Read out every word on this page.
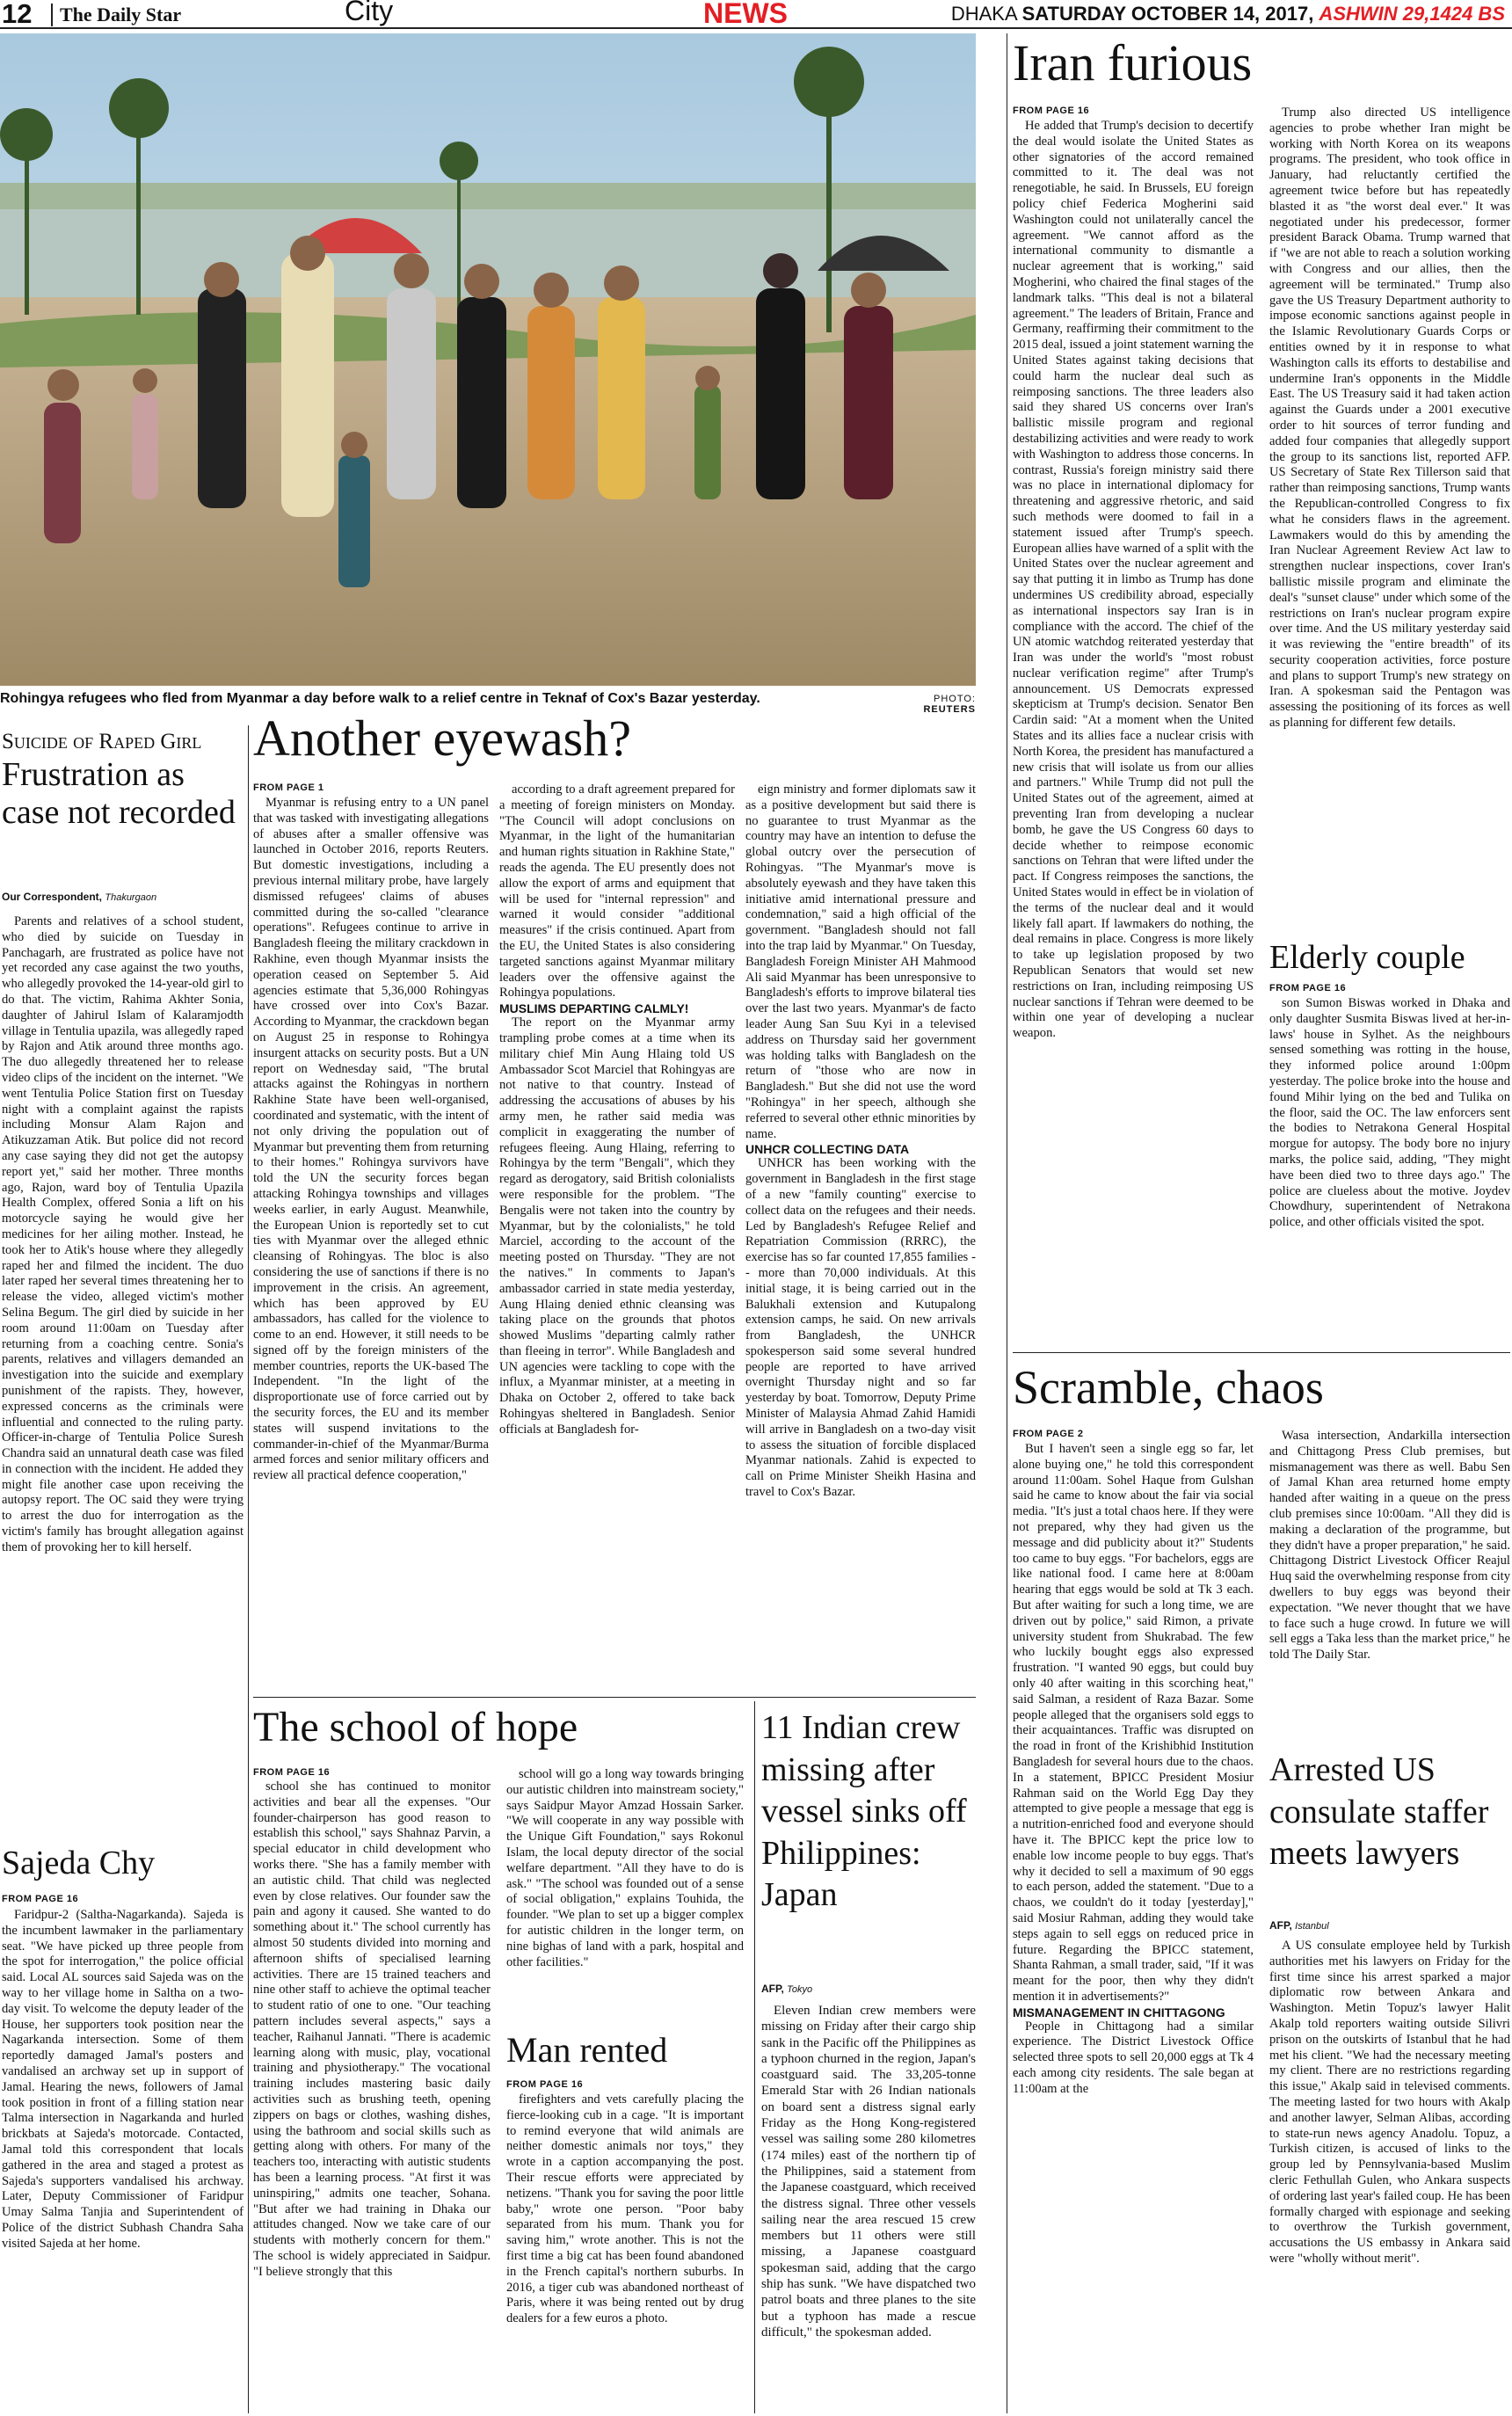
12	The Daily Star	City	NEWS	DHAKA SATURDAY OCTOBER 14, 2017, ASHWIN 29,1424 BS
Rohingya refugees who fled from Myanmar a day before walk to a relief centre in Teknaf of Cox's Bazar yesterday.	PHOTO: REUTERS
Suicide of Raped Girl
Frustration as case not recorded
Our Correspondent, Thakurgaon
Parents and relatives of a school student, who died by suicide on Tuesday in Panchagarh, are frustrated as police have not yet recorded any case against the two youths, who allegedly provoked the 14-year-old girl to do that. The victim, Rahima Akhter Sonia, daughter of Jahirul Islam of Kalaramjodth village in Tentulia upazila, was allegedly raped by Rajon and Atik around three months ago. The duo allegedly threatened her to release video clips of the incident on the internet. "We went Tentulia Police Station first on Tuesday night with a complaint against the rapists including Monsur Alam Rajon and Atikuzzaman Atik. But police did not record any case saying they did not get the autopsy report yet," said her mother. Three months ago, Rajon, ward boy of Tentulia Upazila Health Complex, offered Sonia a lift on his motorcycle saying he would give her medicines for her ailing mother. Instead, he took her to Atik's house where they allegedly raped her and filmed the incident. The duo later raped her several times threatening her to release the video, alleged victim's mother Selina Begum. The girl died by suicide in her room around 11:00am on Tuesday after returning from a coaching centre. Sonia's parents, relatives and villagers demanded an investigation into the suicide and exemplary punishment of the rapists. They, however, expressed concerns as the criminals were influential and connected to the ruling party. Officer-in-charge of Tentulia Police Suresh Chandra said an unnatural death case was filed in connection with the incident. He added they might file another case upon receiving the autopsy report. The OC said they were trying to arrest the duo for interrogation as the victim's family has brought allegation against them of provoking her to kill herself.
Sajeda Chy
FROM PAGE 16
Faridpur-2 (Saltha-Nagarkanda). Sajeda is the incumbent lawmaker in the parliamentary seat. "We have picked up three people from the spot for interrogation," the police official said. Local AL sources said Sajeda was on the way to her village home in Saltha on a two-day visit. To welcome the deputy leader of the House, her supporters took position near the Nagarkanda intersection. Some of them reportedly damaged Jamal's posters and vandalised an archway set up in support of Jamal. Hearing the news, followers of Jamal took position in front of a filling station near Talma intersection in Nagarkanda and hurled brickbats at Sajeda's motorcade. Contacted, Jamal told this correspondent that locals gathered in the area and staged a protest as Sajeda's supporters vandalised his archway. Later, Deputy Commissioner of Faridpur Umay Salma Tanjia and Superintendent of Police of the district Subhash Chandra Saha visited Sajeda at her home.
Another eyewash?
FROM PAGE 1
Myanmar is refusing entry to a UN panel that was tasked with investigating allegations of abuses after a smaller offensive was launched in October 2016, reports Reuters. But domestic investigations, including a previous internal military probe, have largely dismissed refugees' claims of abuses committed during the so-called "clearance operations". Refugees continue to arrive in Bangladesh fleeing the military crackdown in Rakhine, even though Myanmar insists the operation ceased on September 5. Aid agencies estimate that 5,36,000 Rohingyas have crossed over into Cox's Bazar. According to Myanmar, the crackdown began on August 25 in response to Rohingya insurgent attacks on security posts. But a UN report on Wednesday said, "The brutal attacks against the Rohingyas in northern Rakhine State have been well-organised, coordinated and systematic, with the intent of not only driving the population out of Myanmar but preventing them from returning to their homes." Rohingya survivors have told the UN the security forces began attacking Rohingya townships and villages weeks earlier, in early August. Meanwhile, the European Union is reportedly set to cut ties with Myanmar over the alleged ethnic cleansing of Rohingyas. The bloc is also considering the use of sanctions if there is no improvement in the crisis. An agreement, which has been approved by EU ambassadors, has called for the violence to come to an end. However, it still needs to be signed off by the foreign ministers of the member countries, reports the UK-based The Independent. "In the light of the disproportionate use of force carried out by the security forces, the EU and its member states will suspend invitations to the commander-in-chief of the Myanmar/Burma armed forces and senior military officers and review all practical defence cooperation,"
according to a draft agreement prepared for a meeting of foreign ministers on Monday. "The Council will adopt conclusions on Myanmar, in the light of the humanitarian and human rights situation in Rakhine State," reads the agenda. The EU presently does not allow the export of arms and equipment that will be used for "internal repression" and warned it would consider "additional measures" if the crisis continued. Apart from the EU, the United States is also considering targeted sanctions against Myanmar military leaders over the offensive against the Rohingya populations.
MUSLIMS DEPARTING CALMLY!
The report on the Myanmar army trampling probe comes at a time when its military chief Min Aung Hlaing told US Ambassador Scot Marciel that Rohingyas are not native to that country. Instead of addressing the accusations of abuses by his army men, he rather said media was complicit in exaggerating the number of refugees fleeing. Aung Hlaing, referring to Rohingya by the term "Bengali", which they regard as derogatory, said British colonialists were responsible for the problem. "The Bengalis were not taken into the country by Myanmar, but by the colonialists," he told Marciel, according to the account of the meeting posted on Thursday. "They are not the natives." In comments to Japan's ambassador carried in state media yesterday, Aung Hlaing denied ethnic cleansing was taking place on the grounds that photos showed Muslims "departing calmly rather than fleeing in terror". While Bangladesh and UN agencies were tackling to cope with the influx, a Myanmar minister, at a meeting in Dhaka on October 2, offered to take back Rohingyas sheltered in Bangladesh. Senior officials at Bangladesh for-
eign ministry and former diplomats saw it as a positive development but said there is no guarantee to trust Myanmar as the country may have an intention to defuse the global outcry over the persecution of Rohingyas. "The Myanmar's move is absolutely eyewash and they have taken this initiative amid international pressure and condemnation," said a high official of the government. "Bangladesh should not fall into the trap laid by Myanmar." On Tuesday, Bangladesh Foreign Minister AH Mahmood Ali said Myanmar has been unresponsive to Bangladesh's efforts to improve bilateral ties over the last two years. Myanmar's de facto leader Aung San Suu Kyi in a televised address on Thursday said her government was holding talks with Bangladesh on the return of "those who are now in Bangladesh." But she did not use the word "Rohingya" in her speech, although she referred to several other ethnic minorities by name.
UNHCR COLLECTING DATA
UNHCR has been working with the government in Bangladesh in the first stage of a new "family counting" exercise to collect data on the refugees and their needs. Led by Bangladesh's Refugee Relief and Repatriation Commission (RRRC), the exercise has so far counted 17,855 families -- more than 70,000 individuals. At this initial stage, it is being carried out in the Balukhali extension and Kutupalong extension camps, he said. On new arrivals from Bangladesh, the UNHCR spokesperson said some several hundred people are reported to have arrived overnight Thursday night and so far yesterday by boat. Tomorrow, Deputy Prime Minister of Malaysia Ahmad Zahid Hamidi will arrive in Bangladesh on a two-day visit to assess the situation of forcible displaced Myanmar nationals. Zahid is expected to call on Prime Minister Sheikh Hasina and travel to Cox's Bazar.
The school of hope
FROM PAGE 16
school she has continued to monitor activities and bear all the expenses. "Our founder-chairperson has good reason to establish this school," says Shahnaz Parvin, a special educator in child development who works there. "She has a family member with an autistic child. That child was neglected even by close relatives. Our founder saw the pain and agony it caused. She wanted to do something about it." The school currently has almost 50 students divided into morning and afternoon shifts of specialised learning activities. There are 15 trained teachers and nine other staff to achieve the optimal teacher to student ratio of one to one. "Our teaching pattern includes several aspects," says a teacher, Raihanul Jannati. "There is academic learning along with music, play, vocational training and physiotherapy." The vocational training includes mastering basic daily activities such as brushing teeth, opening zippers on bags or clothes, washing dishes, using the bathroom and social skills such as getting along with others. For many of the teachers too, interacting with autistic students has been a learning process. "At first it was uninspiring," admits one teacher, Sohana. "But after we had training in Dhaka our attitudes changed. Now we take care of our students with motherly concern for them." The school is widely appreciated in Saidpur. "I believe strongly that this
school will go a long way towards bringing our autistic children into mainstream society," says Saidpur Mayor Amzad Hossain Sarker. "We will cooperate in any way possible with the Unique Gift Foundation," says Rokonul Islam, the local deputy director of the social welfare department. "All they have to do is ask." "The school was founded out of a sense of social obligation," explains Touhida, the founder. "We plan to set up a bigger complex for autistic children in the longer term, on nine bighas of land with a park, hospital and other facilities."
Man rented
FROM PAGE 16
firefighters and vets carefully placing the fierce-looking cub in a cage. "It is important to remind everyone that wild animals are neither domestic animals nor toys," they wrote in a caption accompanying the post. Their rescue efforts were appreciated by netizens. "Thank you for saving the poor little baby," wrote one person. "Poor baby separated from his mum. Thank you for saving him," wrote another. This is not the first time a big cat has been found abandoned in the French capital's northern suburbs. In 2016, a tiger cub was abandoned northeast of Paris, where it was being rented out by drug dealers for a few euros a photo.
11 Indian crew missing after vessel sinks off Philippines: Japan
AFP, Tokyo
Eleven Indian crew members were missing on Friday after their cargo ship sank in the Pacific off the Philippines as a typhoon churned in the region, Japan's coastguard said. The 33,205-tonne Emerald Star with 26 Indian nationals on board sent a distress signal early Friday as the Hong Kong-registered vessel was sailing some 280 kilometres (174 miles) east of the northern tip of the Philippines, said a statement from the Japanese coastguard, which received the distress signal. Three other vessels sailing near the area rescued 15 crew members but 11 others were still missing, a Japanese coastguard spokesman said, adding that the cargo ship has sunk. "We have dispatched two patrol boats and three planes to the site but a typhoon has made a rescue difficult," the spokesman added.
Iran furious
FROM PAGE 16
He added that Trump's decision to decertify the deal would isolate the United States as other signatories of the accord remained committed to it. The deal was not renegotiable, he said. In Brussels, EU foreign policy chief Federica Mogherini said Washington could not unilaterally cancel the agreement. "We cannot afford as the international community to dismantle a nuclear agreement that is working," said Mogherini, who chaired the final stages of the landmark talks. "This deal is not a bilateral agreement." The leaders of Britain, France and Germany, reaffirming their commitment to the 2015 deal, issued a joint statement warning the United States against taking decisions that could harm the nuclear deal such as reimposing sanctions. The three leaders also said they shared US concerns over Iran's ballistic missile program and regional destabilizing activities and were ready to work with Washington to address those concerns. In contrast, Russia's foreign ministry said there was no place in international diplomacy for threatening and aggressive rhetoric, and said such methods were doomed to fail in a statement issued after Trump's speech. European allies have warned of a split with the United States over the nuclear agreement and say that putting it in limbo as Trump has done undermines US credibility abroad, especially as international inspectors say Iran is in compliance with the accord. The chief of the UN atomic watchdog reiterated yesterday that Iran was under the world's "most robust nuclear verification regime" after Trump's announcement. US Democrats expressed skepticism at Trump's decision. Senator Ben Cardin said: "At a moment when the United States and its allies face a nuclear crisis with North Korea, the president has manufactured a new crisis that will isolate us from our allies and partners." While Trump did not pull the United States out of the agreement, aimed at preventing Iran from developing a nuclear bomb, he gave the US Congress 60 days to decide whether to reimpose economic sanctions on Tehran that were lifted under the pact. If Congress reimposes the sanctions, the United States would in effect be in violation of the terms of the nuclear deal and it would likely fall apart. If lawmakers do nothing, the deal remains in place. Congress is more likely to take up legislation proposed by two Republican Senators that would set new restrictions on Iran, including reimposing US nuclear sanctions if Tehran were deemed to be within one year of developing a nuclear weapon.
Trump also directed US intelligence agencies to probe whether Iran might be working with North Korea on its weapons programs. The president, who took office in January, had reluctantly certified the agreement twice before but has repeatedly blasted it as "the worst deal ever." It was negotiated under his predecessor, former president Barack Obama. Trump warned that if "we are not able to reach a solution working with Congress and our allies, then the agreement will be terminated." Trump also gave the US Treasury Department authority to impose economic sanctions against people in the Islamic Revolutionary Guards Corps or entities owned by it in response to what Washington calls its efforts to destabilise and undermine Iran's opponents in the Middle East. The US Treasury said it had taken action against the Guards under a 2001 executive order to hit sources of terror funding and added four companies that allegedly support the group to its sanctions list, reported AFP. US Secretary of State Rex Tillerson said that rather than reimposing sanctions, Trump wants the Republican-controlled Congress to fix what he considers flaws in the agreement. Lawmakers would do this by amending the Iran Nuclear Agreement Review Act law to strengthen nuclear inspections, cover Iran's ballistic missile program and eliminate the deal's "sunset clause" under which some of the restrictions on Iran's nuclear program expire over time. And the US military yesterday said it was reviewing the "entire breadth" of its security cooperation activities, force posture and plans to support Trump's new strategy on Iran. A spokesman said the Pentagon was assessing the positioning of its forces as well as planning for different few details.
Elderly couple
FROM PAGE 16
son Sumon Biswas worked in Dhaka and only daughter Susmita Biswas lived at her-in-laws' house in Sylhet. As the neighbours sensed something was rotting in the house, they informed police around 1:00pm yesterday. The police broke into the house and found Mihir lying on the bed and Tulika on the floor, said the OC. The law enforcers sent the bodies to Netrakona General Hospital morgue for autopsy. The body bore no injury marks, the police said, adding, "They might have been died two to three days ago." The police are clueless about the motive. Joydev Chowdhury, superintendent of Netrakona police, and other officials visited the spot.
Scramble, chaos
FROM PAGE 2
But I haven't seen a single egg so far, let alone buying one," he told this correspondent around 11:00am. Sohel Haque from Gulshan said he came to know about the fair via social media. "It's just a total chaos here. If they were not prepared, why they had given us the message and did publicity about it?" Students too came to buy eggs. "For bachelors, eggs are like national food. I came here at 8:00am hearing that eggs would be sold at Tk 3 each. But after waiting for such a long time, we are driven out by police," said Rimon, a private university student from Shukrabad. The few who luckily bought eggs also expressed frustration. "I wanted 90 eggs, but could buy only 40 after waiting in this scorching heat," said Salman, a resident of Raza Bazar. Some people alleged that the organisers sold eggs to their acquaintances. Traffic was disrupted on the road in front of the Krishibhid Institution Bangladesh for several hours due to the chaos. In a statement, BPICC President Mosiur Rahman said on the World Egg Day they attempted to give people a message that egg is a nutrition-enriched food and everyone should have it. The BPICC kept the price low to enable low income people to buy eggs. That's why it decided to sell a maximum of 90 eggs to each person, added the statement. "Due to a chaos, we couldn't do it today [yesterday]," said Mosiur Rahman, adding they would take steps again to sell eggs on reduced price in future. Regarding the BPICC statement, Shanta Rahman, a small trader, said, "If it was meant for the poor, then why they didn't mention it in advertisements?"
MISMANAGEMENT IN CHITTAGONG
People in Chittagong had a similar experience. The District Livestock Office selected three spots to sell 20,000 eggs at Tk 4 each among city residents. The sale began at 11:00am at the
Wasa intersection, Andarkilla intersection and Chittagong Press Club premises, but mismanagement was there as well. Babu Sen of Jamal Khan area returned home empty handed after waiting in a queue on the press club premises since 10:00am. "All they did is making a declaration of the programme, but they didn't have a proper preparation," he said. Chittagong District Livestock Officer Reajul Huq said the overwhelming response from city dwellers to buy eggs was beyond their expectation. "We never thought that we have to face such a huge crowd. In future we will sell eggs a Taka less than the market price," he told The Daily Star.
Arrested US consulate staffer meets lawyers
AFP, Istanbul
A US consulate employee held by Turkish authorities met his lawyers on Friday for the first time since his arrest sparked a major diplomatic row between Ankara and Washington. Metin Topuz's lawyer Halit Akalp told reporters waiting outside Silivri prison on the outskirts of Istanbul that he had met his client. "We had the necessary meeting my client. There are no restrictions regarding this issue," Akalp said in televised comments. The meeting lasted for two hours with Akalp and another lawyer, Selman Alibas, according to state-run news agency Anadolu. Topuz, a Turkish citizen, is accused of links to the group led by Pennsylvania-based Muslim cleric Fethullah Gulen, who Ankara suspects of ordering last year's failed coup. He has been formally charged with espionage and seeking to overthrow the Turkish government, accusations the US embassy in Ankara said were "wholly without merit".
